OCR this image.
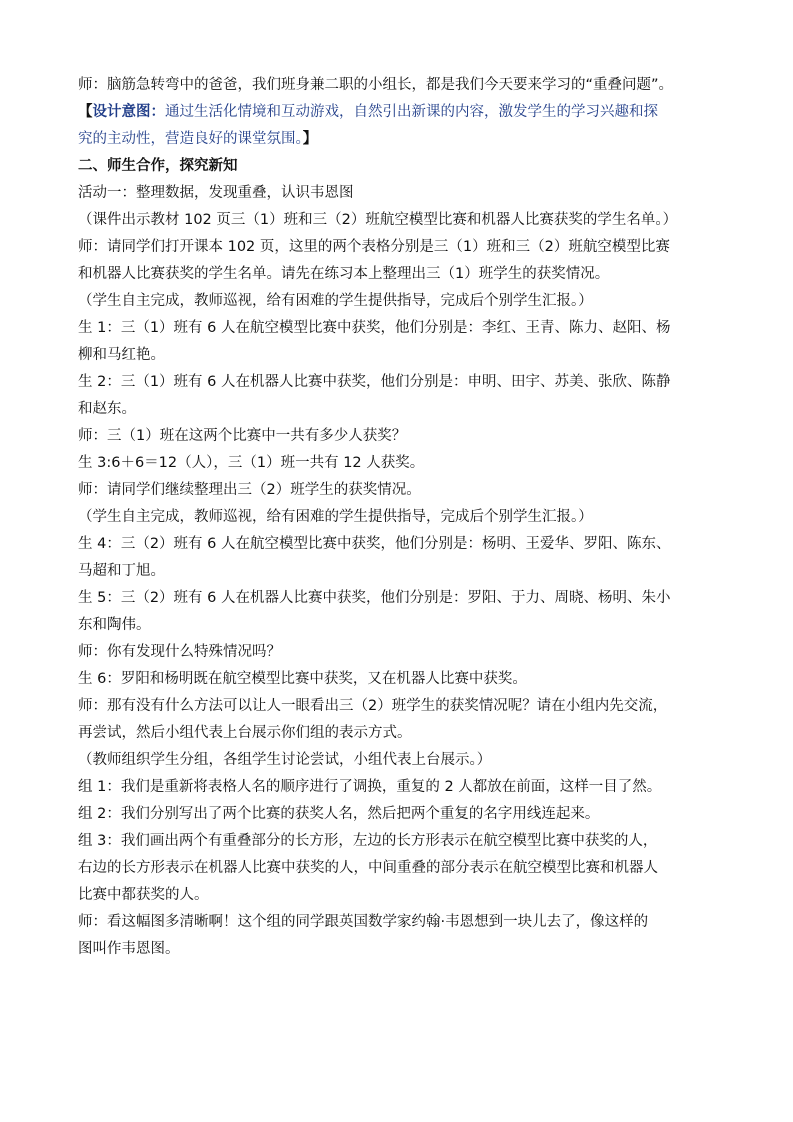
师：脑筋急转弯中的爸爸，我们班身兼二职的小组长，都是我们今天要来学习的“重叠问题”。
【设计意图：通过生活化情境和互动游戏，自然引出新课的内容，激发学生的学习兴趣和探
究的主动性，营造良好的课堂氛围。】
二、师生合作，探究新知
活动一：整理数据，发现重叠，认识韦恩图
（课件出示教材 102 页三（1）班和三（2）班航空模型比赛和机器人比赛获奖的学生名单。）
师：请同学们打开课本 102 页，这里的两个表格分别是三（1）班和三（2）班航空模型比赛
和机器人比赛获奖的学生名单。请先在练习本上整理出三（1）班学生的获奖情况。
（学生自主完成，教师巡视，给有困难的学生提供指导，完成后个别学生汇报。）
生 1：三（1）班有 6 人在航空模型比赛中获奖，他们分别是：李红、王青、陈力、赵阳、杨
柳和马红艳。
生 2：三（1）班有 6 人在机器人比赛中获奖，他们分别是：申明、田宇、苏美、张欣、陈静
和赵东。
师：三（1）班在这两个比赛中一共有多少人获奖？
生 3:6＋6＝12（人），三（1）班一共有 12 人获奖。
师：请同学们继续整理出三（2）班学生的获奖情况。
（学生自主完成，教师巡视，给有困难的学生提供指导，完成后个别学生汇报。）
生 4：三（2）班有 6 人在航空模型比赛中获奖，他们分别是：杨明、王爱华、罗阳、陈东、
马超和丁旭。
生 5：三（2）班有 6 人在机器人比赛中获奖，他们分别是：罗阳、于力、周晓、杨明、朱小
东和陶伟。
师：你有发现什么特殊情况吗？
生 6：罗阳和杨明既在航空模型比赛中获奖，又在机器人比赛中获奖。
师：那有没有什么方法可以让人一眼看出三（2）班学生的获奖情况呢？请在小组内先交流，
再尝试，然后小组代表上台展示你们组的表示方式。
（教师组织学生分组，各组学生讨论尝试，小组代表上台展示。）
组 1：我们是重新将表格人名的顺序进行了调换，重复的 2 人都放在前面，这样一目了然。
组 2：我们分别写出了两个比赛的获奖人名，然后把两个重复的名字用线连起来。
组 3：我们画出两个有重叠部分的长方形，左边的长方形表示在航空模型比赛中获奖的人，
右边的长方形表示在机器人比赛中获奖的人，中间重叠的部分表示在航空模型比赛和机器人
比赛中都获奖的人。
师：看这幅图多清晰啊！这个组的同学跟英国数学家约翰·韦恩想到一块儿去了，像这样的
图叫作韦恩图。
